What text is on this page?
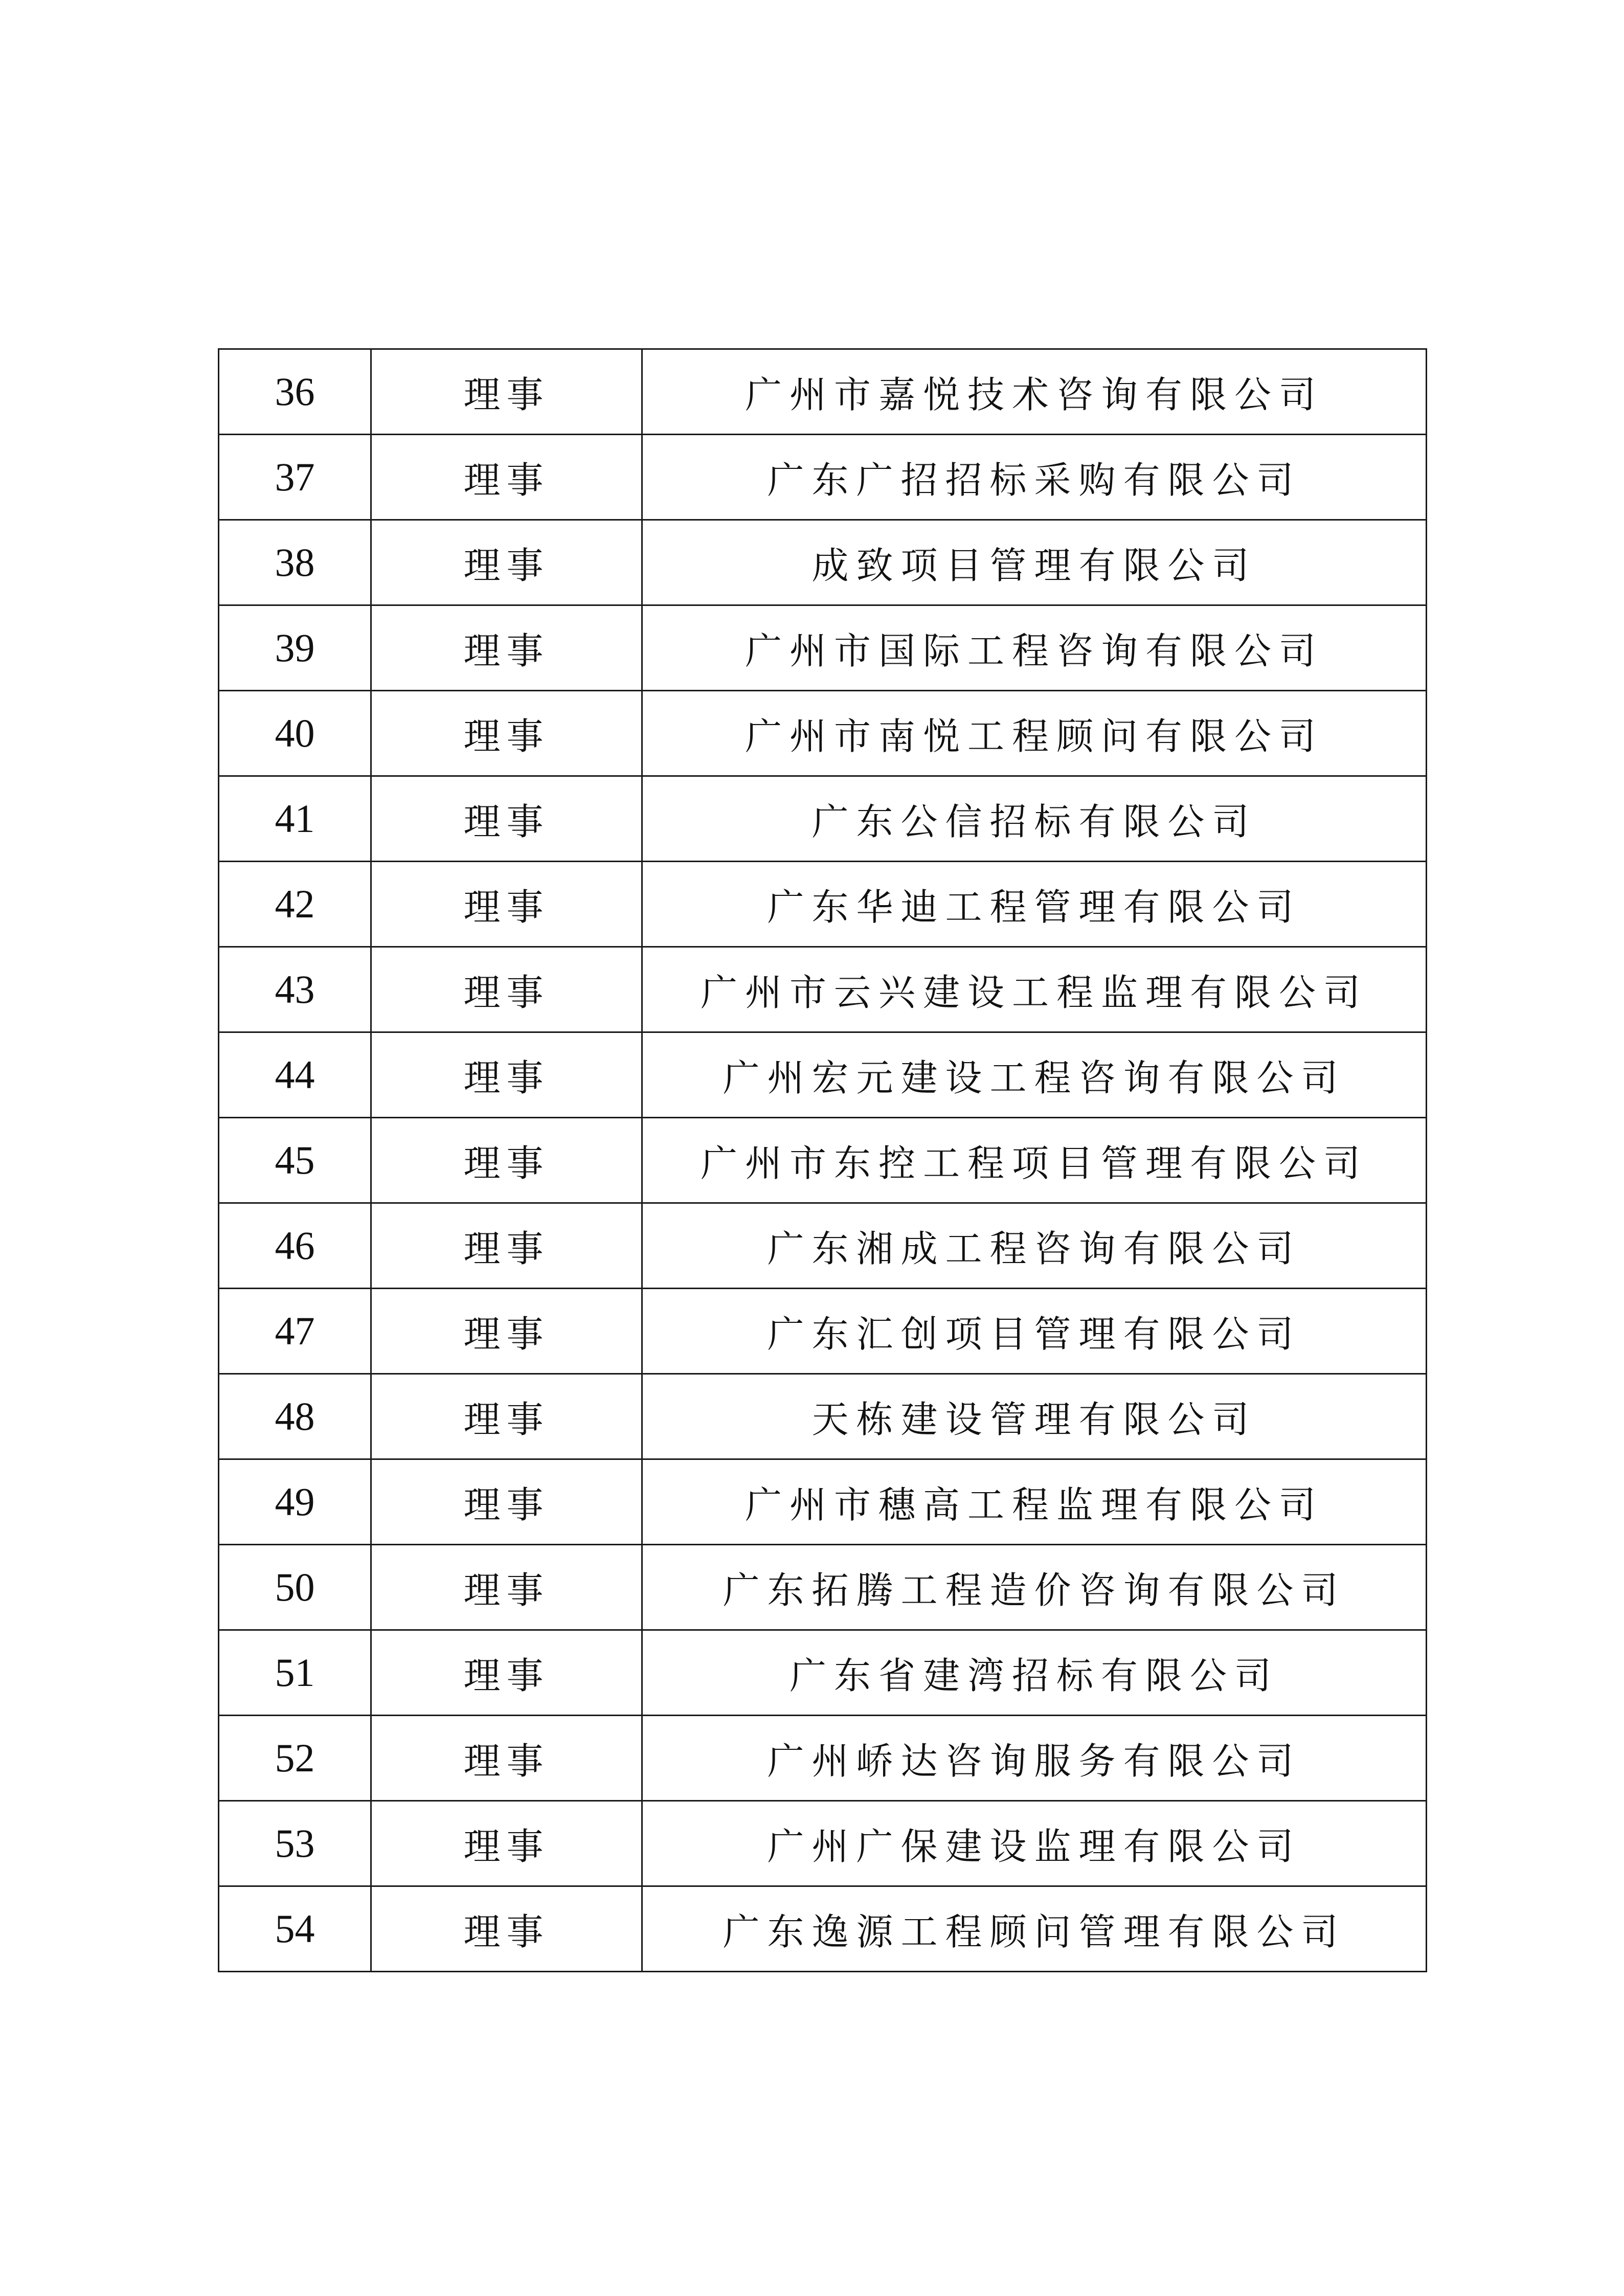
36	理事	广州市嘉悦技术咨询有限公司
37	理事	广东广招招标采购有限公司
38	理事	成致项目管理有限公司
39	理事	广州市国际工程咨询有限公司
40	理事	广州市南悦工程顾问有限公司
41	理事	广东公信招标有限公司
42	理事	广东华迪工程管理有限公司
43	理事	广州市云兴建设工程监理有限公司
44	理事	广州宏元建设工程咨询有限公司
45	理事	广州市东控工程项目管理有限公司
46	理事	广东湘成工程咨询有限公司
47	理事	广东汇创项目管理有限公司
48	理事	天栋建设管理有限公司
49	理事	广州市穗高工程监理有限公司
50	理事	广东拓腾工程造价咨询有限公司
51	理事	广东省建湾招标有限公司
52	理事	广州峤达咨询服务有限公司
53	理事	广州广保建设监理有限公司
54	理事	广东逸源工程顾问管理有限公司
